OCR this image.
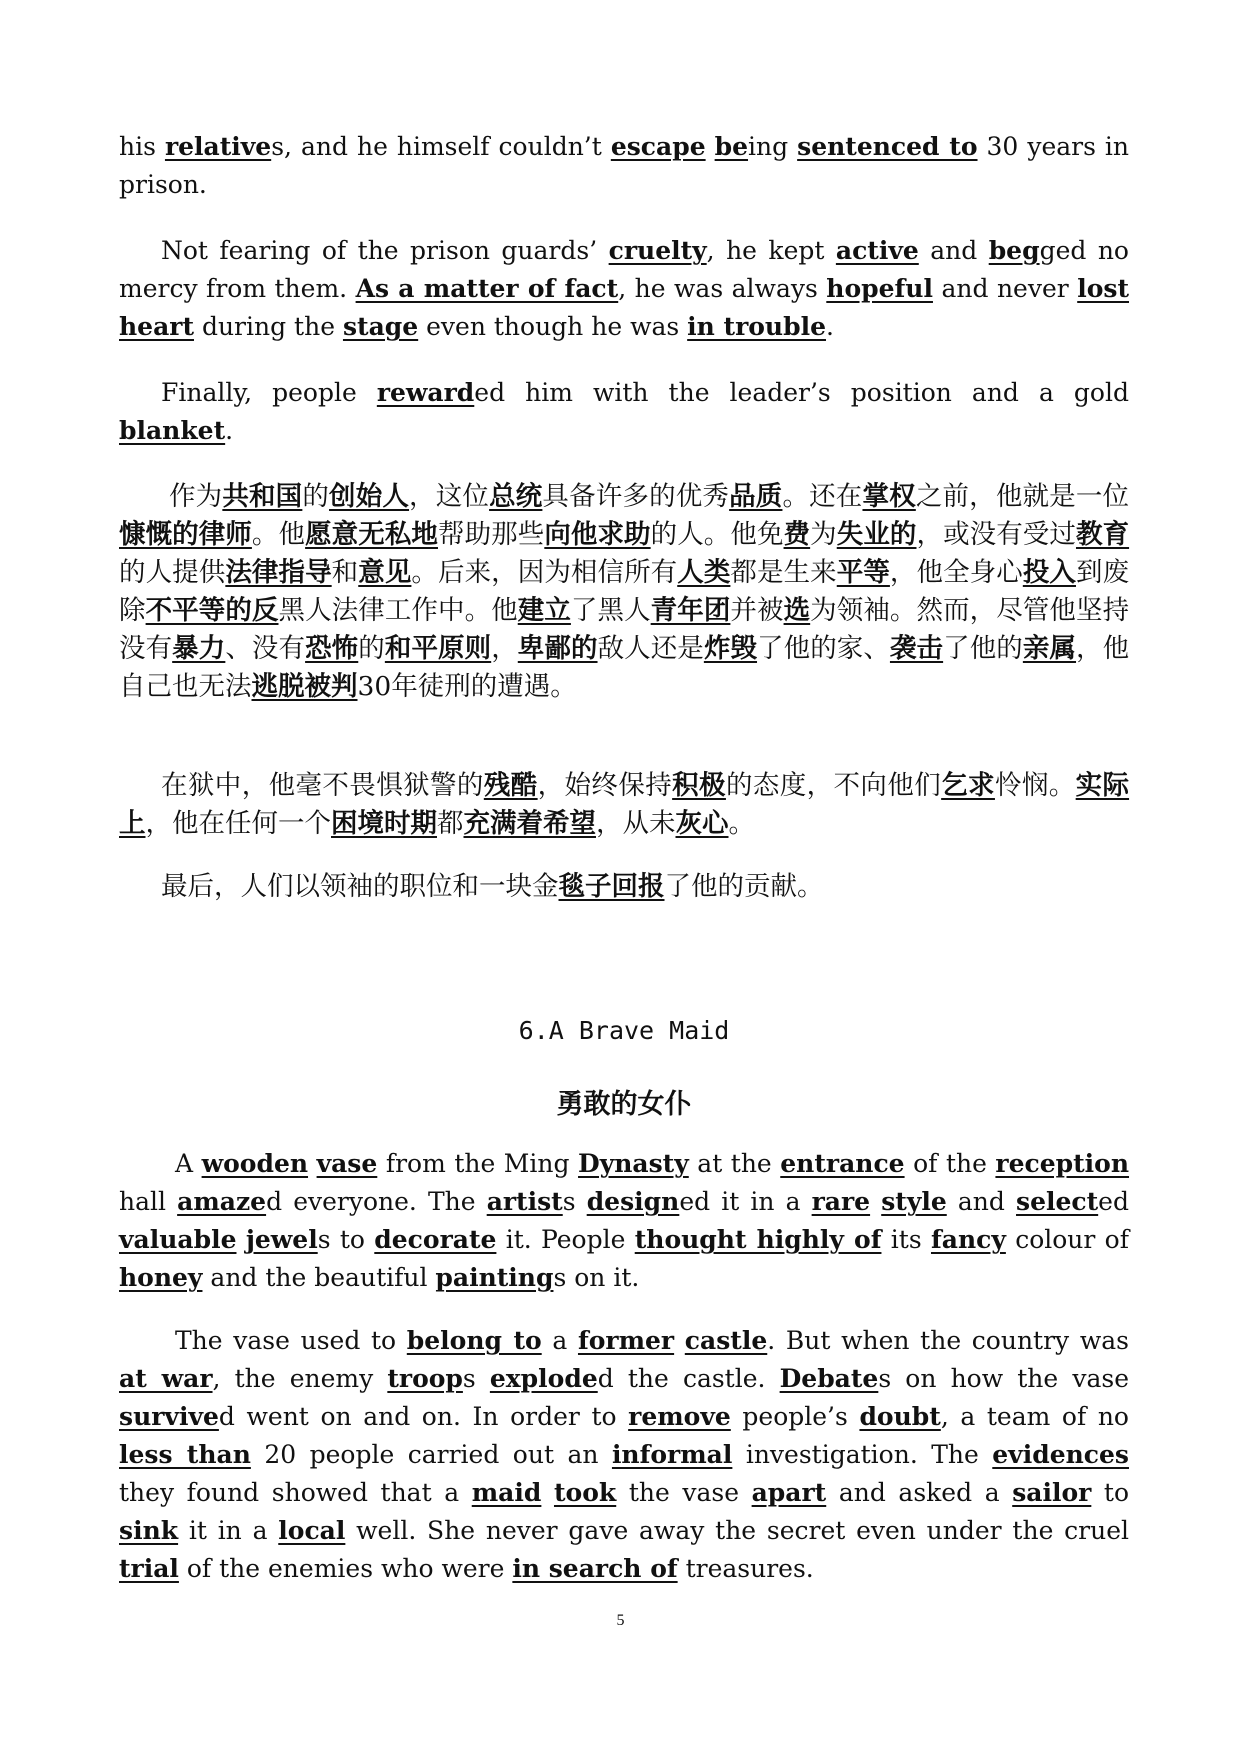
his relatives, and he himself couldn’t escape being sentenced to 30 years in prison.

Not fearing of the prison guards’ cruelty, he kept active and begged no mercy from them. As a matter of fact, he was always hopeful and never lost heart during the stage even though he was in trouble.

Finally, people rewarded him with the leader’s position and a gold blanket.

作为共和国的创始人，这位总统具备许多的优秀品质。还在掌权之前，他就是一位慷慨的律师。他愿意无私地帮助那些向他求助的人。他免费为失业的，或没有受过教育的人提供法律指导和意见。后来，因为相信所有人类都是生来平等，他全身心投入到废除不平等的反黑人法律工作中。他建立了黑人青年团并被选为领袖。然而，尽管他坚持没有暴力、没有恐怖的和平原则，卑鄙的敌人还是炸毁了他的家、袭击了他的亲属，他自己也无法逃脱被判30年徒刑的遭遇。

在狱中，他毫不畏惧狱警的残酷，始终保持积极的态度，不向他们乞求怜悯。实际上，他在任何一个困境时期都充满着希望，从未灰心。

最后，人们以领袖的职位和一块金毯子回报了他的贡献。

6.A Brave Maid

勇敢的女仆

A wooden vase from the Ming Dynasty at the entrance of the reception hall amazed everyone. The artists designed it in a rare style and selected valuable jewels to decorate it. People thought highly of its fancy colour of honey and the beautiful paintings on it.

The vase used to belong to a former castle. But when the country was at war, the enemy troops exploded the castle. Debates on how the vase survived went on and on. In order to remove people’s doubt, a team of no less than 20 people carried out an informal investigation. The evidences they found showed that a maid took the vase apart and asked a sailor to sink it in a local well. She never gave away the secret even under the cruel trial of the enemies who were in search of treasures.

5
